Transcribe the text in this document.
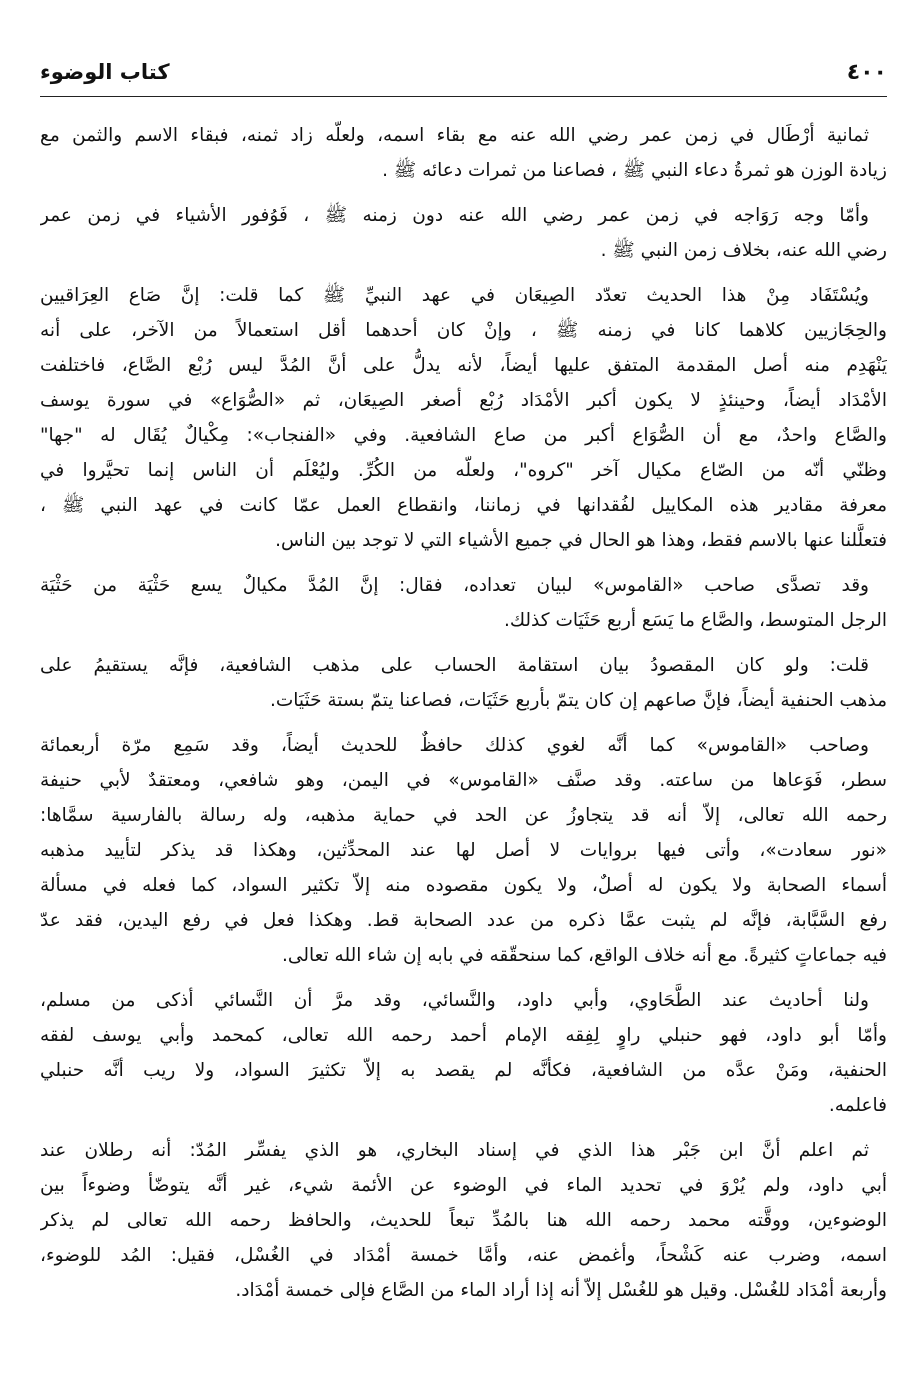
٤٠٠
كتاب الوضوء
ثمانية أرْطَال في زمن عمر رضي الله عنه مع بقاء اسمه، ولعلّه زاد ثمنه، فبقاء الاسم والثمن مع
زيادة الوزن هو ثمرةُ دعاء النبي ﷺ ، فصاعنا من ثمرات دعائه ﷺ .
وأمّا وجه رَوَاجه في زمن عمر رضي الله عنه دون زمنه ﷺ ، فَوُفور الأشياء في زمن عمر
رضي الله عنه، بخلاف زمن النبي ﷺ .
ويُسْتَفَاد مِنْ هذا الحديث تعدّد الصِيعَان في عهد النبيِّ ﷺ كما قلت: إنَّ صَاع العِرَاقيين
والحِجَازيين كلاهما كانا في زمنه ﷺ ، وإنْ كان أحدهما أقل استعمالاً من الآخر، على أنه
يَنْهَدِم منه أصل المقدمة المتفق عليها أيضاً، لأنه يدلُّ على أنَّ المُدَّ ليس رُبْع الصَّاع، فاختلفت
الأمْدَاد أيضاً، وحينئذٍ لا يكون أكبر الأمْدَاد رُبْع أصغر الصِيعَان، ثم «الصُّوَاع» في سورة يوسف
والصَّاع واحدٌ، مع أن الصُّوَاع أكبر من صاع الشافعية. وفي «الفنجاب»: مِكْيالٌ يُقَال له "جها"
وظنّي أنّه من الصّاع مكيال آخر "كروه"، ولعلّه من الكُرِّ. وليُعْلَم أن الناس إنما تحيَّروا في
معرفة مقادير هذه المكاييل لفُقدانها في زماننا، وانقطاع العمل عمّا كانت في عهد النبي ﷺ ،
فتعلَّلنا عنها بالاسم فقط، وهذا هو الحال في جميع الأشياء التي لا توجد بين الناس.
وقد تصدَّى صاحب «القاموس» لبيان تعداده، فقال: إنَّ المُدَّ مكيالٌ يسع حَثْيَة من حَثْيَة
الرجل المتوسط، والصَّاع ما يَسَع أربع حَثَيَات كذلك.
قلت: ولو كان المقصودُ بيان استقامة الحساب على مذهب الشافعية، فإنَّه يستقيمُ على
مذهب الحنفية أيضاً، فإنَّ صاعهم إن كان يتمّ بأربع حَثَيَات، فصاعنا يتمّ بستة حَثَيَات.
وصاحب «القاموس» كما أنَّه لغوي كذلك حافظٌ للحديث أيضاً، وقد سَمِع مرّة أربعمائة
سطر، فَوَعاها من ساعته. وقد صنَّف «القاموس» في اليمن، وهو شافعي، ومعتقدٌ لأبي حنيفة
رحمه الله تعالى، إلاّ أنه قد يتجاوزُ عن الحد في حماية مذهبه، وله رسالة بالفارسية سمَّاها:
«نور سعادت»، وأتى فيها بروايات لا أصل لها عند المحدِّثين، وهكذا قد يذكر لتأييد مذهبه
أسماء الصحابة ولا يكون له أصلٌ، ولا يكون مقصوده منه إلاّ تكثير السواد، كما فعله في مسألة
رفع السَّبَّابة، فإنَّه لم يثبت عمَّا ذكره من عدد الصحابة قط. وهكذا فعل في رفع اليدين، فقد عدّ
فيه جماعاتٍ كثيرةً. مع أنه خلاف الواقع، كما سنحقّقه في بابه إن شاء الله تعالى.
ولنا أحاديث عند الطَّحَاوي، وأبي داود، والنَّسائي، وقد مرَّ أن النَّسائي أذكى من مسلم،
وأمّا أبو داود، فهو حنبلي راوٍ لِفِقه الإمام أحمد رحمه الله تعالى، كمحمد وأبي يوسف لفقه
الحنفية، ومَنْ عدَّه من الشافعية، فكأنَّه لم يقصد به إلاّ تكثيرَ السواد، ولا ريب أنَّه حنبلي
فاعلمه.
ثم اعلم أنَّ ابن جَبْر هذا الذي في إسناد البخاري، هو الذي يفسِّر المُدّ: أنه رطلان عند
أبي داود، ولم يُرْوَ في تحديد الماء في الوضوء عن الأئمة شيء، غير أنَّه يتوضّأ وضوءاً بين
الوضوءين، ووقَّته محمد رحمه الله هنا بالمُدِّ تبعاً للحديث، والحافظ رحمه الله تعالى لم يذكر
اسمه، وضرب عنه كَشْحاً، وأغمض عنه، وأمَّا خمسة أمْدَاد في الغُسْل، فقيل: المُد للوضوء،
وأربعة أمْدَاد للغُسْل. وقيل هو للغُسْل إلاّ أنه إذا أراد الماء من الصَّاع فإلى خمسة أمْدَاد.
